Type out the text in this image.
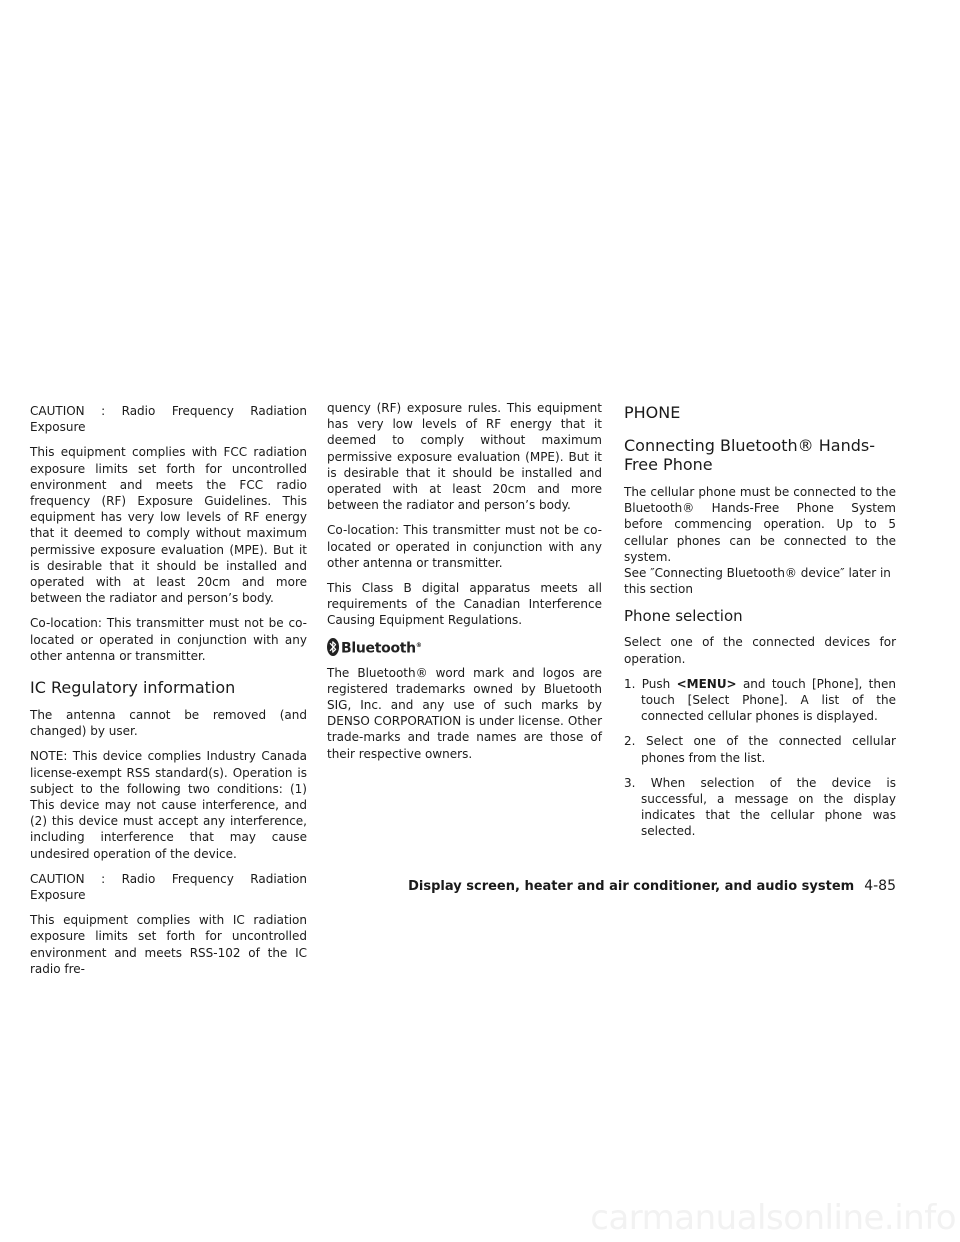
CAUTION : Radio Frequency Radiation Exposure

This equipment complies with FCC radiation exposure limits set forth for uncontrolled environment and meets the FCC radio frequency (RF) Exposure Guidelines. This equipment has very low levels of RF energy that it deemed to comply without maximum permissive exposure evaluation (MPE). But it is desirable that it should be installed and operated with at least 20cm and more between the radiator and person’s body.

Co-location: This transmitter must not be co-located or operated in conjunction with any other antenna or transmitter.

IC Regulatory information

The antenna cannot be removed (and changed) by user.

NOTE: This device complies Industry Canada license-exempt RSS standard(s). Operation is subject to the following two conditions: (1) This device may not cause interference, and (2) this device must accept any interference, including interference that may cause undesired operation of the device.

CAUTION : Radio Frequency Radiation Exposure

This equipment complies with IC radiation exposure limits set forth for uncontrolled environment and meets RSS-102 of the IC radio fre-

quency (RF) exposure rules. This equipment has very low levels of RF energy that it deemed to comply without maximum permissive exposure evaluation (MPE). But it is desirable that it should be installed and operated with at least 20cm and more between the radiator and person’s body.

Co-location: This transmitter must not be co-located or operated in conjunction with any other antenna or transmitter.

This Class B digital apparatus meets all requirements of the Canadian Interference Causing Equipment Regulations.

Bluetooth®

The Bluetooth® word mark and logos are registered trademarks owned by Bluetooth SIG, Inc. and any use of such marks by DENSO CORPORATION is under license. Other trade-marks and trade names are those of their respective owners.

PHONE
Connecting Bluetooth® Hands-Free Phone

The cellular phone must be connected to the Bluetooth® Hands-Free Phone System before commencing operation. Up to 5 cellular phones can be connected to the system.

See ″Connecting Bluetooth® device″ later in this section
Phone selection

Select one of the connected devices for operation.

1. Push <MENU> and touch [Phone], then touch [Select Phone]. A list of the connected cellular phones is displayed.
2. Select one of the connected cellular phones from the list.
3. When selection of the device is successful, a message on the display indicates that the cellular phone was selected.
Display screen, heater and air conditioner, and audio system 4-85
carmanualsonline.info
